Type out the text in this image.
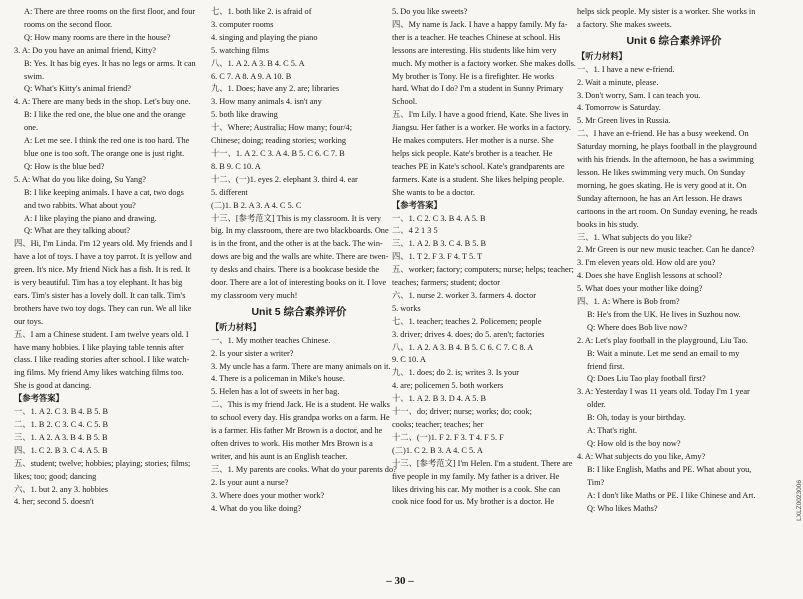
A: There are three rooms on the first floor, and four
rooms on the second floor.
Q: How many rooms are there in the house?
3. A: Do you have an animal friend, Kitty?
B: Yes. It has big eyes. It has no legs or arms. It can
swim.
Q: What's Kitty's animal friend?
4. A: There are many beds in the shop. Let's buy one.
B: I like the red one, the blue one and the orange
one.
A: Let me see. I think the red one is too hard. The
blue one is too soft. The orange one is just right.
Q: How is the blue bed?
5. A: What do you like doing, Su Yang?
B: I like keeping animals. I have a cat, two dogs
and two rabbits. What about you?
A: I like playing the piano and drawing.
Q: What are they talking about?
四、Hi, I'm Linda. I'm 12 years old. My friends and I
have a lot of toys. I have a toy parrot. It is yellow and
green. It's nice. My friend Nick has a fish. It is red. It
is very beautiful. Tim has a toy elephant. It has big
ears. Tim's sister has a lovely doll. It can talk. Tim's
brothers have two toy dogs. They can run. We all like
our toys.
五、I am a Chinese student. I am twelve years old. I
have many hobbies. I like playing table tennis after
class. I like reading stories after school. I like watch-
ing films. My friend Amy likes watching films too.
She is good at dancing.
【参考答案】
一、1. A 2. C 3. B 4. B 5. B
二、1. B 2. C 3. C 4. C 5. B
三、1. A 2. A 3. B 4. B 5. B
四、1. C 2. B 3. C 4. A 5. B
五、student; twelve; hobbies; playing; stories; films;
likes; too; good; dancing
六、1. but 2. any 3. hobbies
4. her; second 5. doesn't
七、1. both like 2. is afraid of
3. computer rooms
4. singing and playing the piano
5. watching films
八、1. A 2. A 3. B 4. C 5. A
6. C 7. A 8. A 9. A 10. B
九、1. Does; have any 2. are; libraries
3. How many animals 4. isn't any
5. both like drawing
十、Where; Australia; How many; four/4;
Chinese; doing; reading stories; working
十一、1. A 2. C 3. A 4. B 5. C 6. C 7. B
8. B 9. C 10. A
十二、(一)1. eyes 2. elephant 3. third 4. ear
5. different
(二)1. B 2. A 3. A 4. C 5. C
十三、[参考范文] This is my classroom. It is very
big. In my classroom, there are two blackboards. One
is in the front, and the other is at the back. The win-
dows are big and the walls are white. There are twen-
ty desks and chairs. There is a bookcase beside the
door. There are a lot of interesting books on it. I love
my classroom very much!
Unit 5 综合素养评价
【听力材料】
一、1. My mother teaches Chinese.
2. Is your sister a writer?
3. My uncle has a farm. There are many animals on it.
4. There is a policeman in Mike's house.
5. Helen has a lot of sweets in her bag.
二、This is my friend Jack. He is a student. He walks
to school every day. His grandpa works on a farm. He
is a farmer. His father Mr Brown is a doctor, and he
often drives to work. His mother Mrs Brown is a
writer, and his aunt is an English teacher.
三、1. My parents are cooks. What do your parents do?
2. Is your aunt a nurse?
3. Where does your mother work?
4. What do you like doing?
5. Do you like sweets?
四、My name is Jack. I have a happy family. My fa-
ther is a teacher. He teaches Chinese at school. His
lessons are interesting. His students like him very
much. My mother is a factory worker. She makes dolls.
My brother is Tony. He is a firefighter. He works
hard. What do I do? I'm a student in Sunny Primary
School.
五、I'm Lily. I have a good friend, Kate. She lives in
Jiangsu. Her father is a worker. He works in a factory.
He makes computers. Her mother is a nurse. She
helps sick people. Kate's brother is a teacher. He
teaches PE in Kate's school. Kate's grandparents are
farmers. Kate is a student. She likes helping people.
She wants to be a doctor.
【参考答案】
一、1. C 2. C 3. B 4. A 5. B
二、4 2 1 3 5
三、1. A 2. B 3. C 4. B 5. B
四、1. T 2. F 3. F 4. T 5. T
五、worker; factory; computers; nurse; helps; teacher;
teaches; farmers; student; doctor
六、1. nurse 2. worker 3. farmers 4. doctor
5. works
七、1. teacher; teaches 2. Policemen; people
3. driver; drives 4. does; do 5. aren't; factories
八、1. A 2. A 3. B 4. B 5. C 6. C 7. C 8. A
9. C 10. A
九、1. does; do 2. is; writes 3. Is your
4. are; policemen 5. both workers
十、1. A 2. B 3. D 4. A 5. B
十一、do; driver; nurse; works; do; cook;
cooks; teacher; teaches; her
十二、(一)1. F 2. F 3. T 4. F 5. F
(二)1. C 2. B 3. A 4. C 5. A
十三、[参考范文] I'm Helen. I'm a student. There are
five people in my family. My father is a driver. He
likes driving his car. My mother is a cook. She can
cook nice food for us. My brother is a doctor. He
helps sick people. My sister is a worker. She works in
a factory. She makes sweets.
Unit 6 综合素养评价
【听力材料】
一、1. I have a new e-friend.
2. Wait a minute, please.
3. Don't worry, Sam. I can teach you.
4. Tomorrow is Saturday.
5. Mr Green lives in Russia.
二、I have an e-friend. He has a busy weekend. On
Saturday morning, he plays football in the playground
with his friends. In the afternoon, he has a swimming
lesson. He likes swimming very much. On Sunday
morning, he goes skating. He is very good at it. On
Sunday afternoon, he has an Art lesson. He draws
cartoons in the art room. On Sunday evening, he reads
books in his study.
三、1. What subjects do you like?
2. Mr Green is our new music teacher. Can he dance?
3. I'm eleven years old. How old are you?
4. Does she have English lessons at school?
5. What does your mother like doing?
四、1. A: Where is Bob from?
B: He's from the UK. He lives in Suzhou now.
Q: Where does Bob live now?
2. A: Let's play football in the playground, Liu Tao.
B: Wait a minute. Let me send an email to my
friend first.
Q: Does Liu Tao play football first?
3. A: Yesterday I was 11 years old. Today I'm 1 year
older.
B: Oh, today is your birthday.
A: That's right.
Q: How old is the boy now?
4. A: What subjects do you like, Amy?
B: I like English, Maths and PE. What about you,
Tim?
A: I don't like Maths or PE. I like Chinese and Art.
Q: Who likes Maths?
– 30 –
LXLZ0023006
